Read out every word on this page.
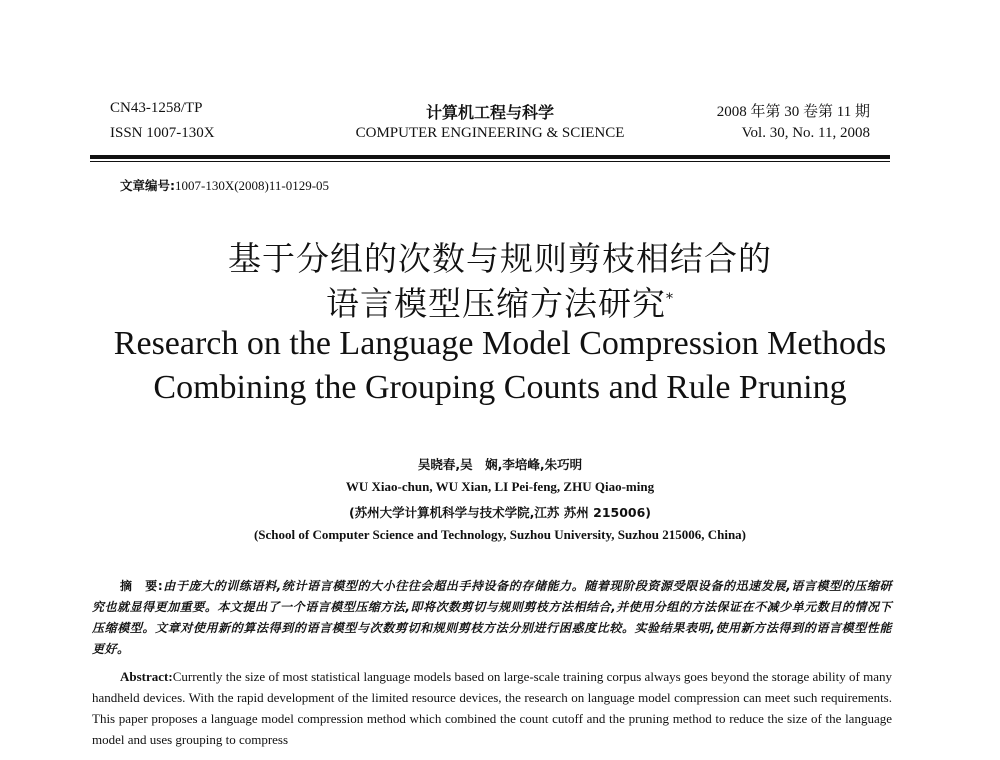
CN43-1258/TP	计算机工程与科学	2008 年第 30 卷第 11 期
ISSN 1007-130X	COMPUTER ENGINEERING & SCIENCE	Vol. 30, No. 11, 2008
文章编号:1007-130X(2008)11-0129-05
基于分组的次数与规则剪枝相结合的
语言模型压缩方法研究*
Research on the Language Model Compression Methods
Combining the Grouping Counts and Rule Pruning
吴晓春,吴　娴,李培峰,朱巧明
WU Xiao-chun, WU Xian, LI Pei-feng, ZHU Qiao-ming
(苏州大学计算机科学与技术学院,江苏 苏州 215006)
(School of Computer Science and Technology, Suzhou University, Suzhou 215006, China)
摘　要:由于庞大的训练语料,统计语言模型的大小往往会超出手持设备的存储能力。随着现阶段资源受限设备的迅速发展,语言模型的压缩研究也就显得更加重要。本文提出了一个语言模型压缩方法,即将次数剪切与规则剪枝方法相结合,并使用分组的方法保证在不减少单元数目的情况下压缩模型。文章对使用新的算法得到的语言模型与次数剪切和规则剪枝方法分别进行困惑度比较。实验结果表明,使用新方法得到的语言模型性能更好。
Abstract:Currently the size of most statistical language models based on large-scale training corpus always goes beyond the storage ability of many handheld devices. With the rapid development of the limited resource devices, the research on language model compression can meet such requirements. This paper proposes a language model compression method which combined the count cutoff and the pruning method to reduce the size of the language model and uses grouping to compress
